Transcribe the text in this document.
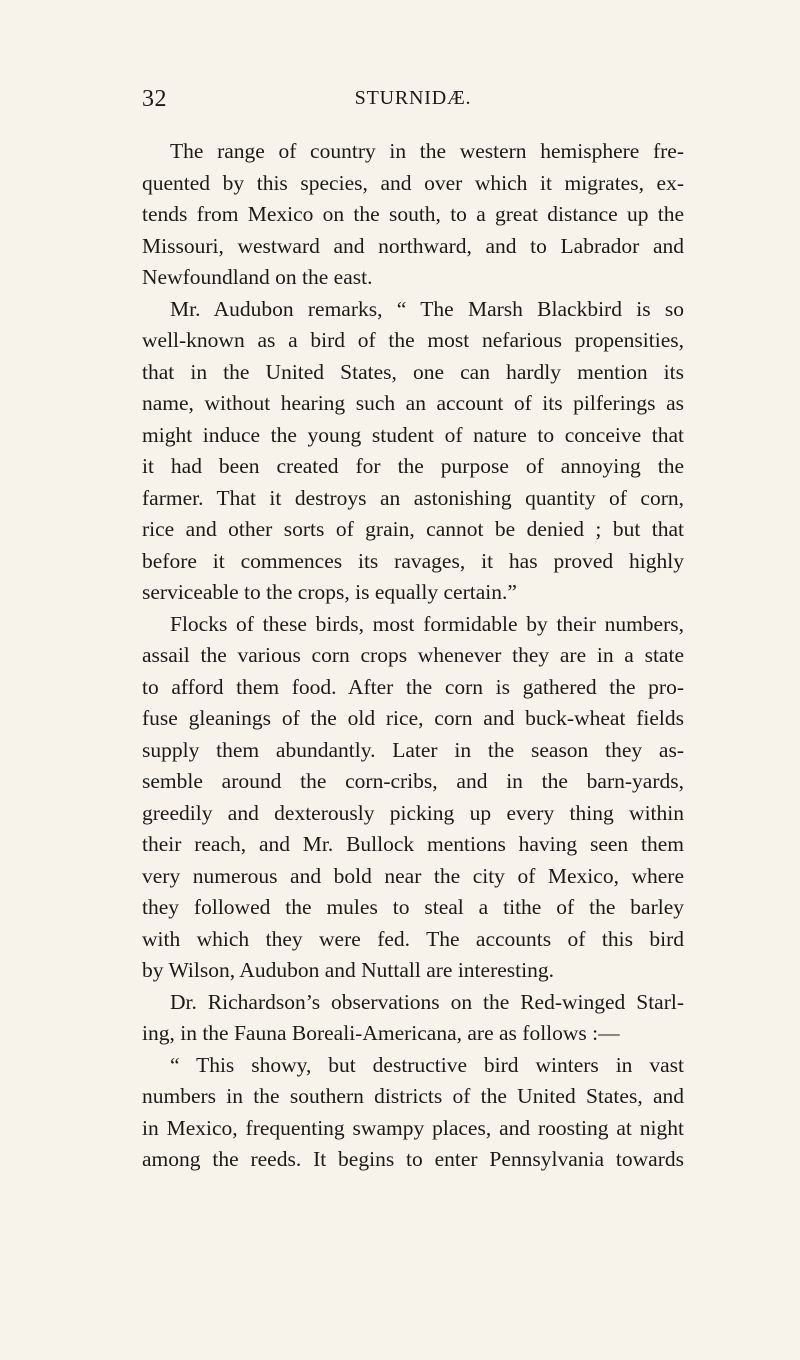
32	STURNIDÆ.
The range of country in the western hemisphere fre-
quented by this species, and over which it migrates, ex-
tends from Mexico on the south, to a great distance up the
Missouri, westward and northward, and to Labrador and
Newfoundland on the east.
Mr. Audubon remarks, “ The Marsh Blackbird is so
well-known as a bird of the most nefarious propensities,
that in the United States, one can hardly mention its
name, without hearing such an account of its pilferings as
might induce the young student of nature to conceive that
it had been created for the purpose of annoying the
farmer. That it destroys an astonishing quantity of corn,
rice and other sorts of grain, cannot be denied ; but that
before it commences its ravages, it has proved highly
serviceable to the crops, is equally certain.”
Flocks of these birds, most formidable by their numbers,
assail the various corn crops whenever they are in a state
to afford them food. After the corn is gathered the pro-
fuse gleanings of the old rice, corn and buck-wheat fields
supply them abundantly. Later in the season they as-
semble around the corn-cribs, and in the barn-yards,
greedily and dexterously picking up every thing within
their reach, and Mr. Bullock mentions having seen them
very numerous and bold near the city of Mexico, where
they followed the mules to steal a tithe of the barley
with which they were fed. The accounts of this bird
by Wilson, Audubon and Nuttall are interesting.
Dr. Richardson’s observations on the Red-winged Starl-
ing, in the Fauna Boreali-Americana, are as follows :—
“ This showy, but destructive bird winters in vast
numbers in the southern districts of the United States, and
in Mexico, frequenting swampy places, and roosting at night
among the reeds. It begins to enter Pennsylvania towards
